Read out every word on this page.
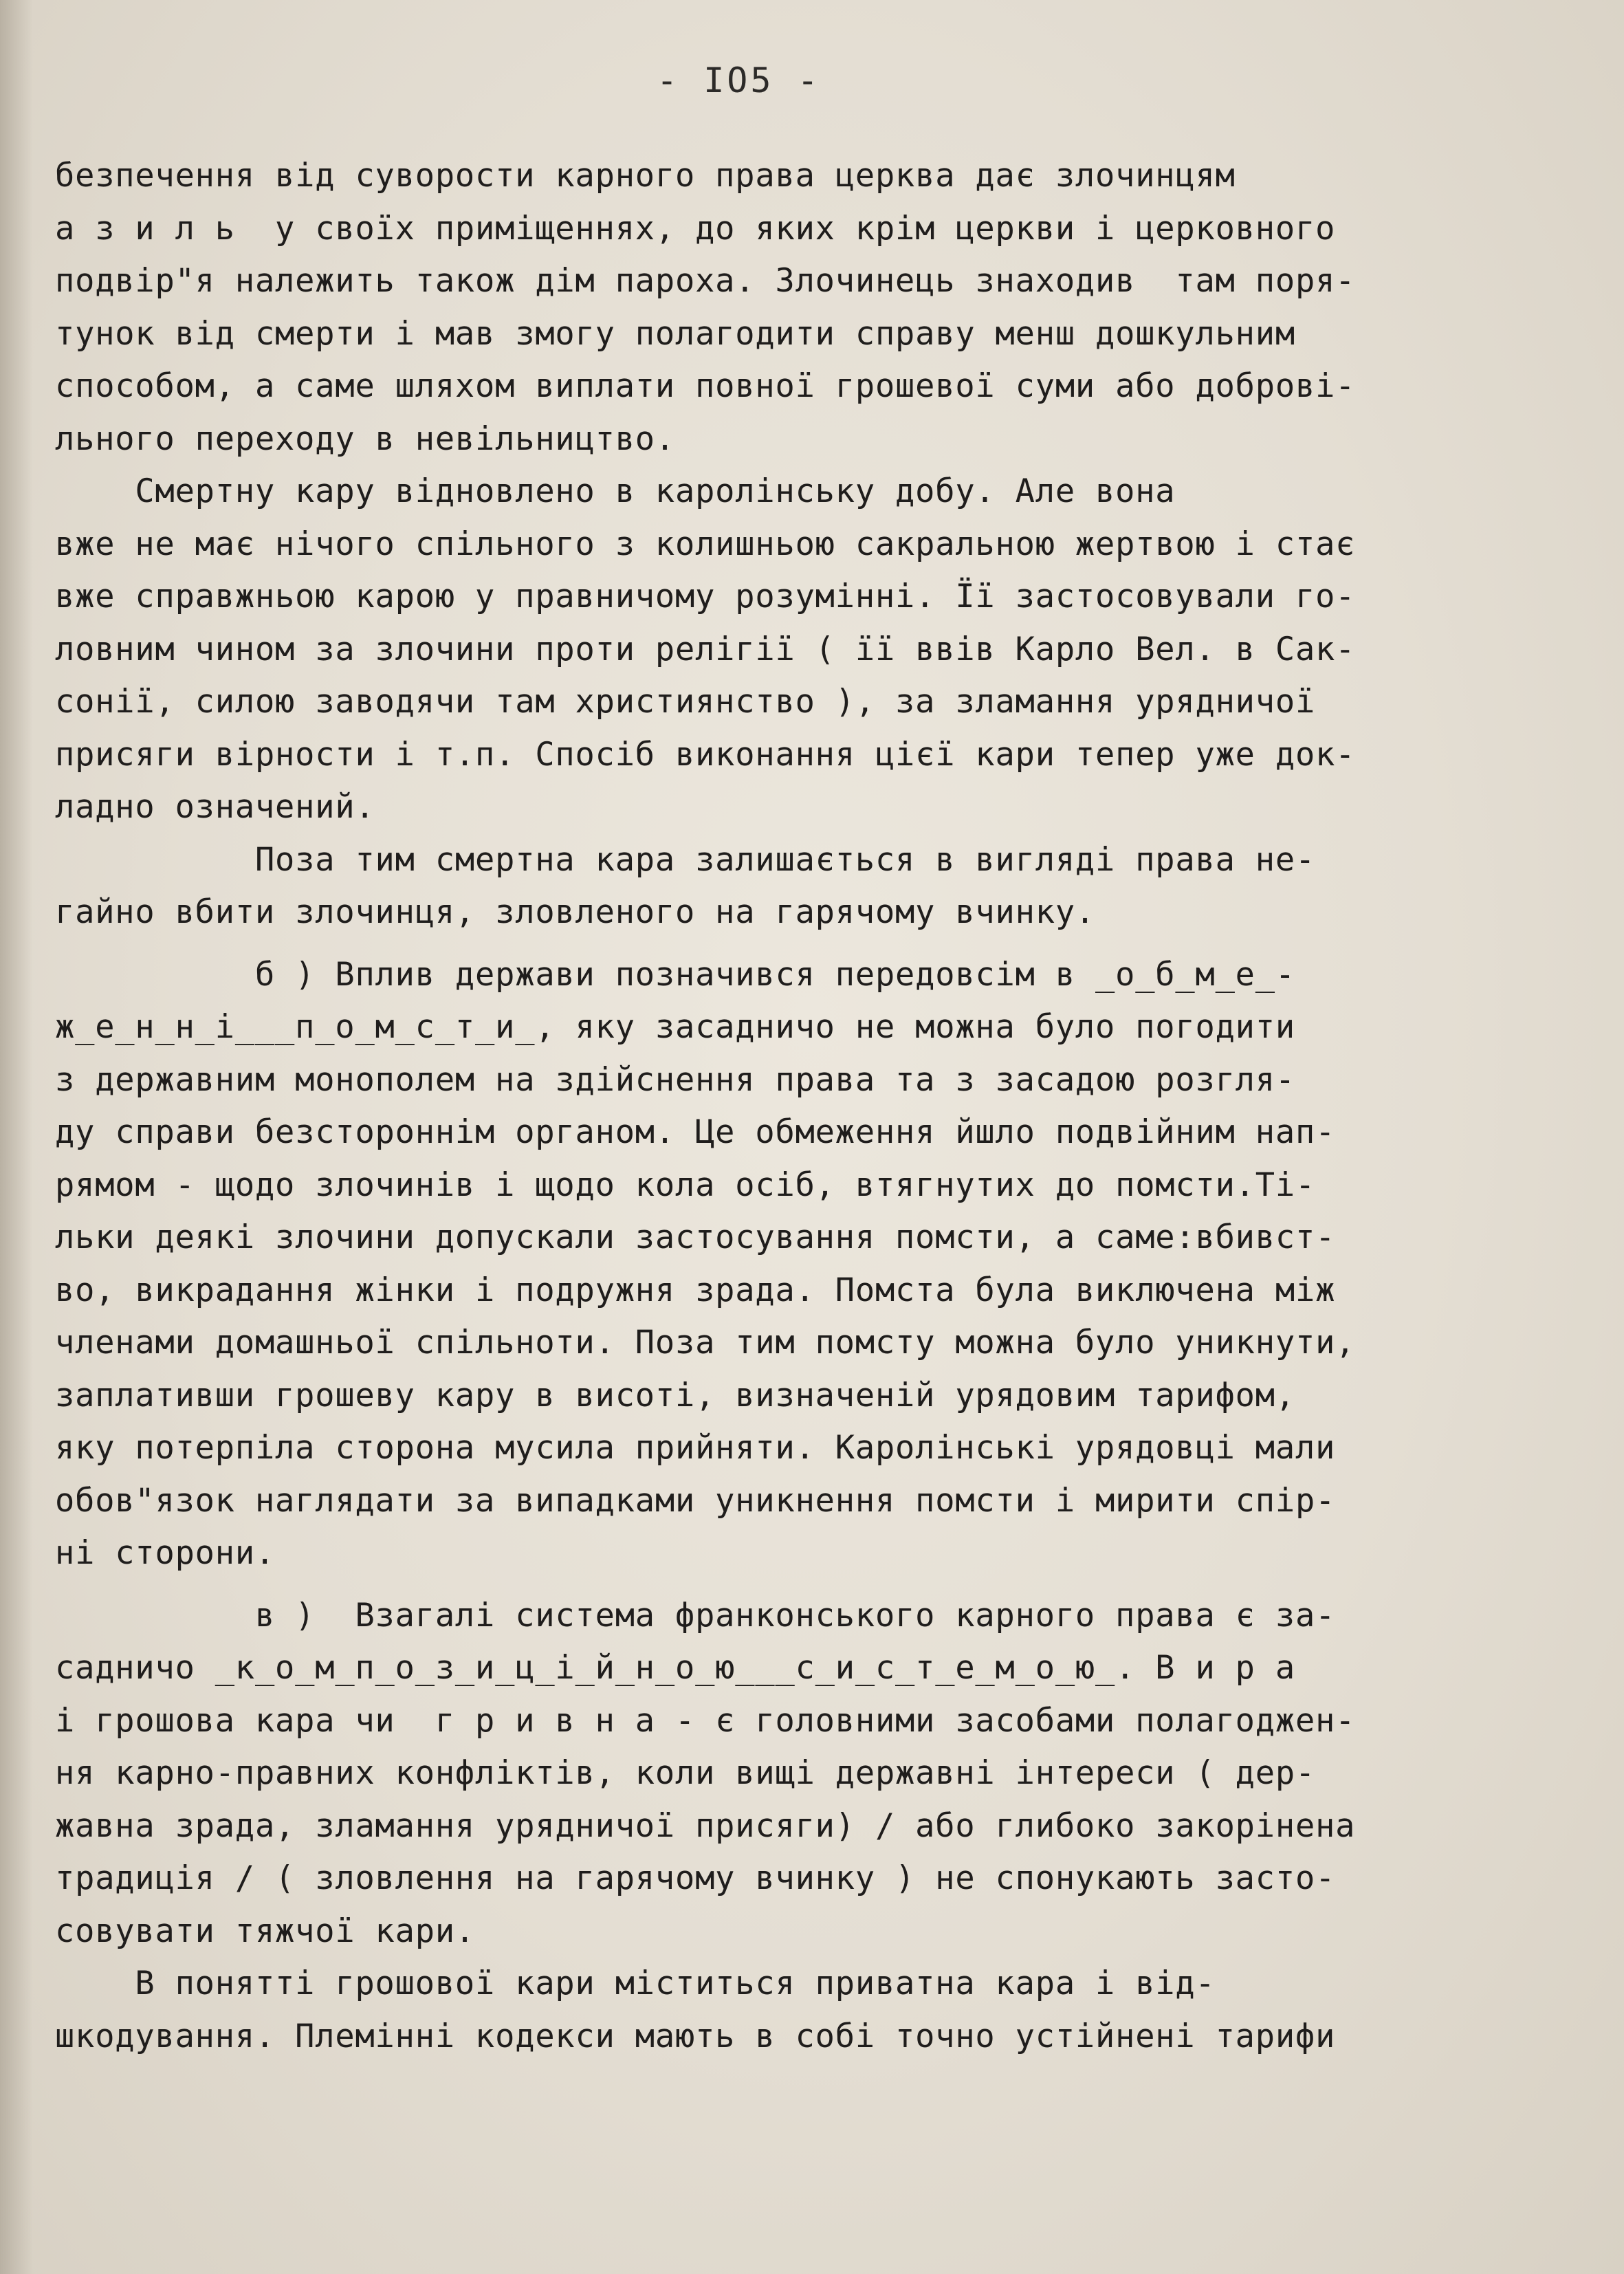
- IO5 -
безпечення від суворости карного права церква дає злочинцям
а з и л ь  у своїх приміщеннях, до яких крім церкви і церковного
подвір"я належить також дім пароха. Злочинець знаходив  там поря-
тунок від смерти і мав змогу полагодити справу менш дошкульним
способом, а саме шляхом виплати повної грошевої суми або доброві-
льного переходу в невільництво.
Смертну кару відновлено в каролінську добу. Але вона
вже не має нічого спільного з колишньою сакральною жертвою і стає
вже справжньою карою у правничому розумінні. Її застосовували го-
ловним чином за злочини проти релігії ( її ввів Карло Вел. в Сак-
сонії, силою заводячи там християнство ), за зламання урядничої
присяги вірности і т.п. Спосіб виконання цієї кари тепер уже док-
ладно означений.
Поза тим смертна кара залишається в вигляді права не-
гайно вбити злочинця, зловленого на гарячому вчинку.
б ) Вплив держави позначився передовсім в _о_б_м_е_-
ж_е_н_н_і___п_о_м_с_т_и_, яку засадничо не можна було погодити
з державним монополем на здійснення права та з засадою розгля-
ду справи безстороннім органом. Це обмеження йшло подвійним нап-
рямом - щодо злочинів і щодо кола осіб, втягнутих до помсти.Ті-
льки деякі злочини допускали застосування помсти, а саме:вбивст-
во, викрадання жінки і подружня зрада. Помста була виключена між
членами домашньої спільноти. Поза тим помсту можна було уникнути,
заплативши грошеву кару в висоті, визначеній урядовим тарифом,
яку потерпіла сторона мусила прийняти. Каролінські урядовці мали
обов"язок наглядати за випадками уникнення помсти і мирити спір-
ні сторони.
в )  Взагалі система франконського карного права є за-
садничо _к_о_м_п_о_з_и_ц_і_й_н_о_ю___с_и_с_т_е_м_о_ю_. В и р а
і грошова кара чи  г р и в н а - є головними засобами полагоджен-
ня карно-правних конфліктів, коли вищі державні інтереси ( дер-
жавна зрада, зламання урядничої присяги) / або глибоко закорінена
традиція / ( зловлення на гарячому вчинку ) не спонукають засто-
совувати тяжчої кари.
В понятті грошової кари міститься приватна кара і від-
шкодування. Племінні кодекси мають в собі точно устійнені тарифи
